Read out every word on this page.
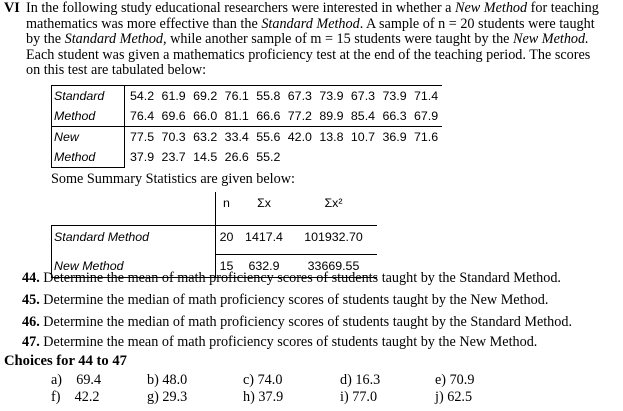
VI In the following study educational researchers were interested in whether a New Method for teaching
mathematics was more effective than the Standard Method. A sample of n = 20 students were taught
by the Standard Method, while another sample of m = 15 students were taught by the New Method.
Each student was given a mathematics proficiency test at the end of the teaching period. The scores
on this test are tabulated below:
Standard	54.2 61.9 69.2 76.1 55.8 67.3 73.9 67.3 73.9 71.4
Method	76.4 69.6 66.0 81.1 66.6 77.2 89.9 85.4 66.3 67.9
New	77.5 70.3 63.2 33.4 55.6 42.0 13.8 10.7 36.9 71.6
Method	37.9 23.7 14.5 26.6 55.2
Some Summary Statistics are given below:
	n	Σx	Σx²

Standard Method	20	1417.4	101932.70

New Method	15	632.9	33669.55
44. Determine the mean of math proficiency scores of students taught by the Standard Method.
45. Determine the median of math proficiency scores of students taught by the New Method.
46. Determine the median of math proficiency scores of students taught by the Standard Method.
47. Determine the mean of math proficiency scores of students taught by the New Method.
Choices for 44 to 47
a) 69.4	b) 48.0	c) 74.0	d) 16.3	e) 70.9
f) 42.2	g) 29.3	h) 37.9	i) 77.0	j) 62.5
